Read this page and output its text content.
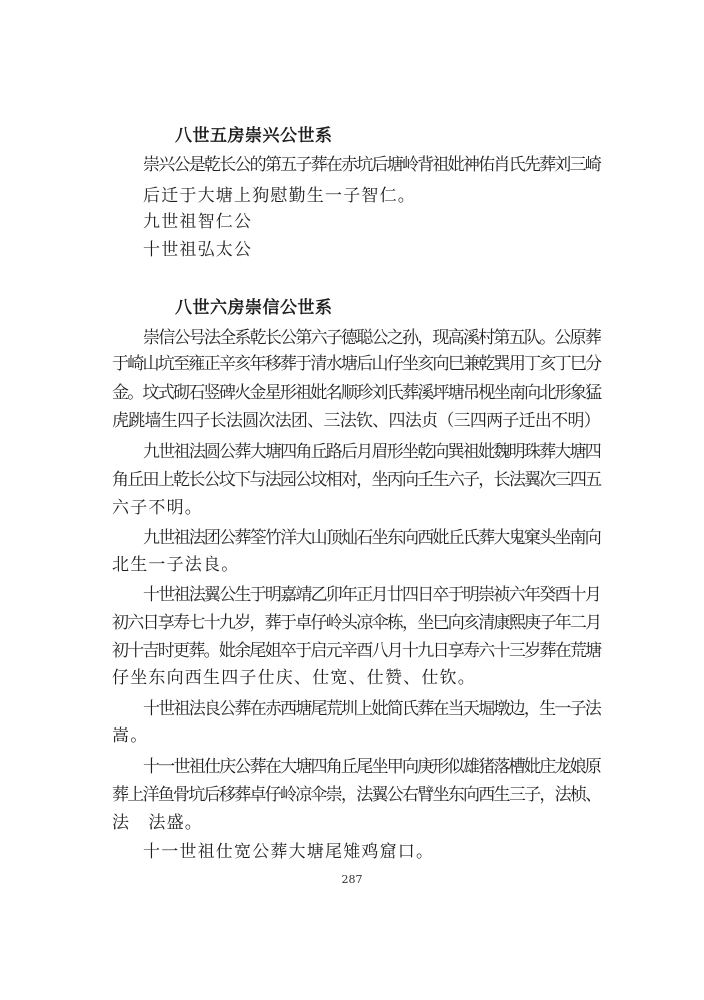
八世五房崇兴公世系
崇兴公是乾长公的第五子葬在赤坑后塘岭背祖妣神佑肖氏先葬刘三崎
后迁于大塘上狗慰勤生一子智仁。
九世祖智仁公
十世祖弘太公
八世六房崇信公世系
崇信公号法全系乾长公第六子德聪公之孙，现高溪村第五队。公原葬
于崎山坑至雍正辛亥年移葬于清水塘后山仔坐亥向巳兼乾巽用丁亥丁巳分
金。坟式砌石竖碑火金星形祖妣名顺珍刘氏葬溪坪塘吊枧坐南向北形象猛
虎跳墙生四子长法圆次法团、三法钦、四法贞（三四两子迁出不明）
九世祖法圆公葬大塘四角丘路后月眉形坐乾向巽祖妣魏明珠葬大塘四
角丘田上乾长公坟下与法园公坟相对，坐丙向壬生六子，长法翼次三四五
六子不明。
九世祖法团公葬筌竹洋大山顶灿石坐东向西妣丘氏葬大鬼窠头坐南向
北生一子法良。
十世祖法翼公生于明嘉靖乙卯年正月廿四日卒于明崇祯六年癸酉十月
初六日享寿七十九岁，葬于卓仔岭头凉伞栋，坐巳向亥清康熙庚子年二月
初十吉时更葬。妣余尾姐卒于启元辛酉八月十九日享寿六十三岁葬在荒塘
仔坐东向西生四子仕庆、仕宽、仕赞、仕钦。
十世祖法良公葬在赤西塘尾荒圳上妣简氏葬在当天堀墩边，生一子法
嵩。
十一世祖仕庆公葬在大塘四角丘尾坐甲向庚形似雄猪落槽妣庄龙娘原
葬上洋鱼骨坑后移葬卓仔岭凉伞崇，法翼公右臂坐东向西生三子，法桢、
法　法盛。
十一世祖仕宽公葬大塘尾雉鸡窟口。
287
